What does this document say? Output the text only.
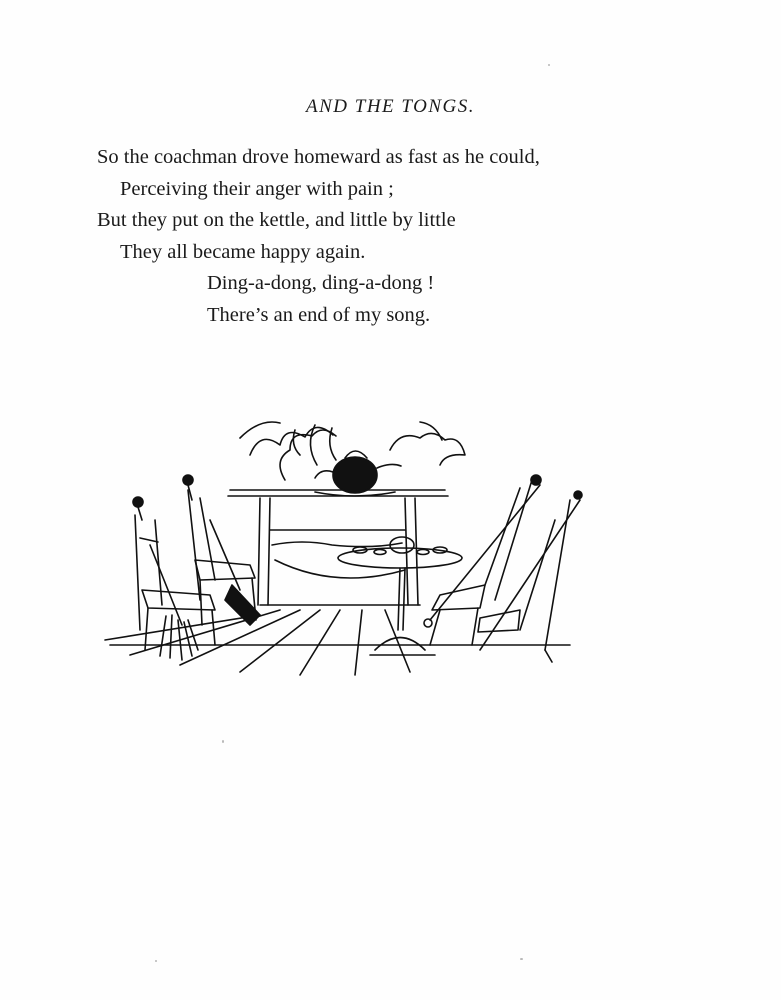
AND THE TONGS.
So the coachman drove homeward as fast as he could,
Perceiving their anger with pain ;
But they put on the kettle, and little by little
They all became happy again.
Ding-a-dong, ding-a-dong !
There’s an end of my song.
